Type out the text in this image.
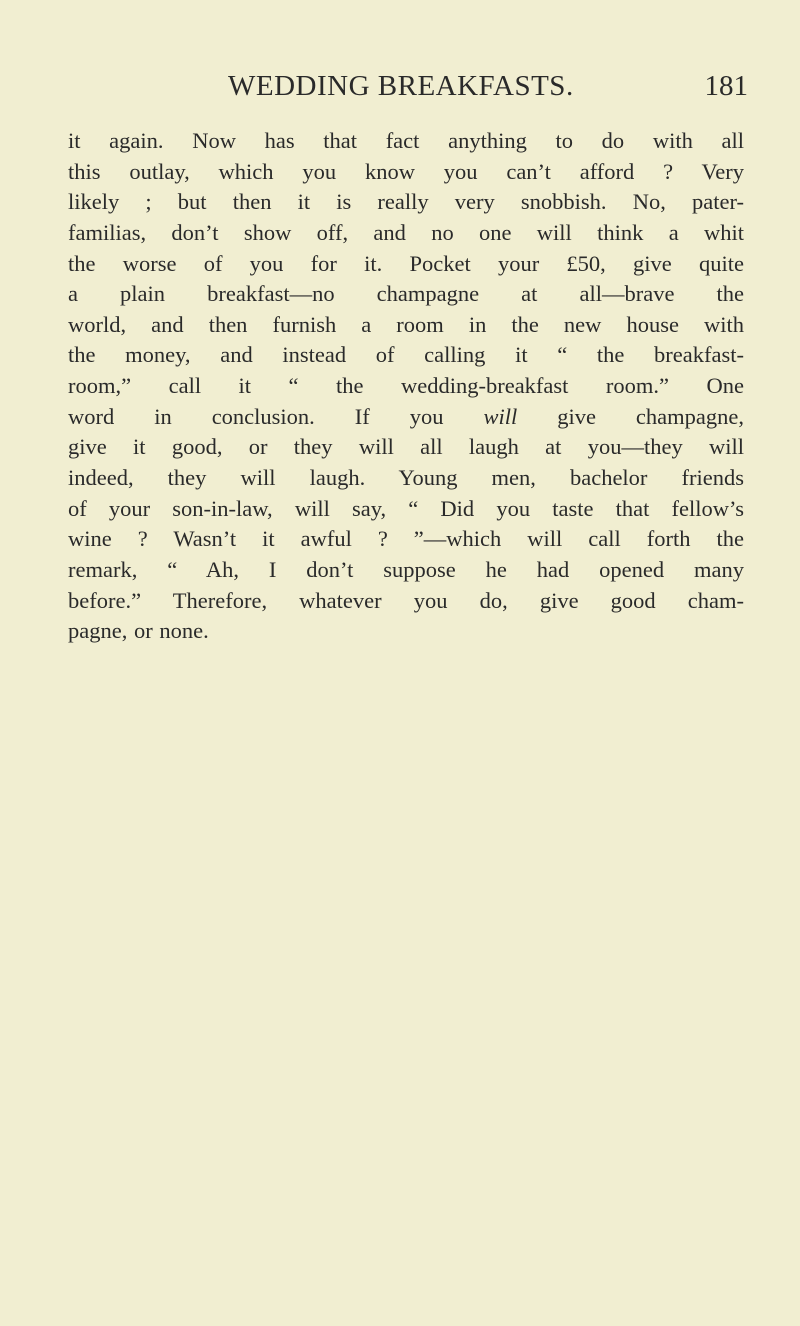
WEDDING BREAKFASTS.	181
it again. Now has that fact anything to do with all
this outlay, which you know you can’t afford ? Very
likely ; but then it is really very snobbish. No, pater-
familias, don’t show off, and no one will think a whit
the worse of you for it. Pocket your £50, give quite
a plain breakfast—no champagne at all—brave the
world, and then furnish a room in the new house with
the money, and instead of calling it “ the breakfast-
room,” call it “ the wedding-breakfast room.” One
word in conclusion. If you will give champagne,
give it good, or they will all laugh at you—they will
indeed, they will laugh. Young men, bachelor friends
of your son-in-law, will say, “ Did you taste that fellow’s
wine ? Wasn’t it awful ? ”—which will call forth the
remark, “ Ah, I don’t suppose he had opened many
before.” Therefore, whatever you do, give good cham-
pagne, or none.
